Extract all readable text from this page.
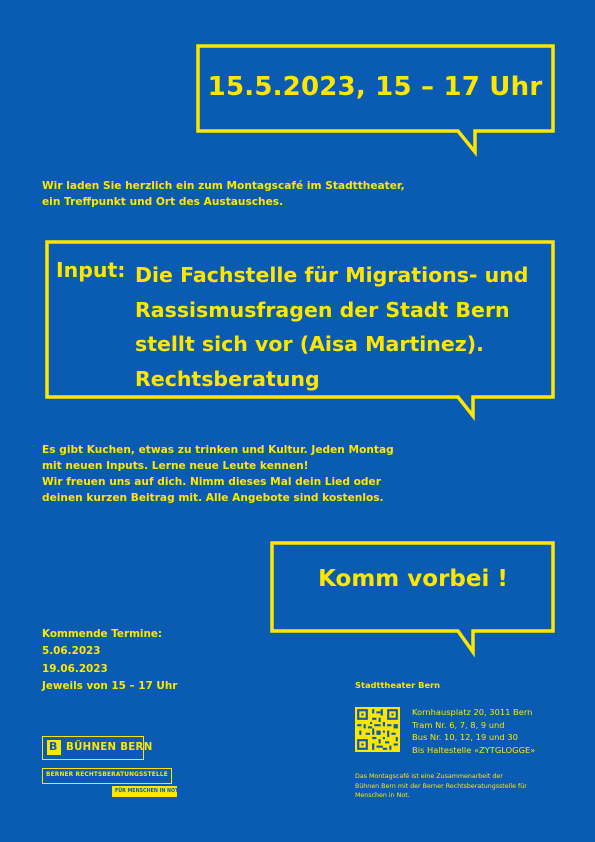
15.5.2023, 15 – 17 Uhr
Wir laden Sie herzlich ein zum Montagscafé im Stadttheater,
ein Treffpunkt und Ort des Austausches.
Input: Die Fachstelle für Migrations- und
Rassismusfragen der Stadt Bern
stellt sich vor (Aisa Martinez).
Rechtsberatung
Es gibt Kuchen, etwas zu trinken und Kultur. Jeden Montag
mit neuen Inputs. Lerne neue Leute kennen!
Wir freuen uns auf dich. Nimm dieses Mal dein Lied oder
deinen kurzen Beitrag mit. Alle Angebote sind kostenlos.
Komm vorbei !
Kommende Termine:
5.06.2023
19.06.2023
Jeweils von 15 – 17 Uhr	Stadttheater Bern
Kornhausplatz 20, 3011 Bern
Tram Nr. 6, 7, 8, 9 und
Bus Nr. 10, 12, 19 und 30
Bis Haltestelle «ZYTGLOGGE»
Das Montagscafé ist eine Zusammenarbeit der
Bühnen Bern mit der Berner Rechtsberatungsstelle für
Menschen in Not.
B BÜHNEN BERN
BERNER RECHTSBERATUNGSSTELLE
FÜR MENSCHEN IN NOT
